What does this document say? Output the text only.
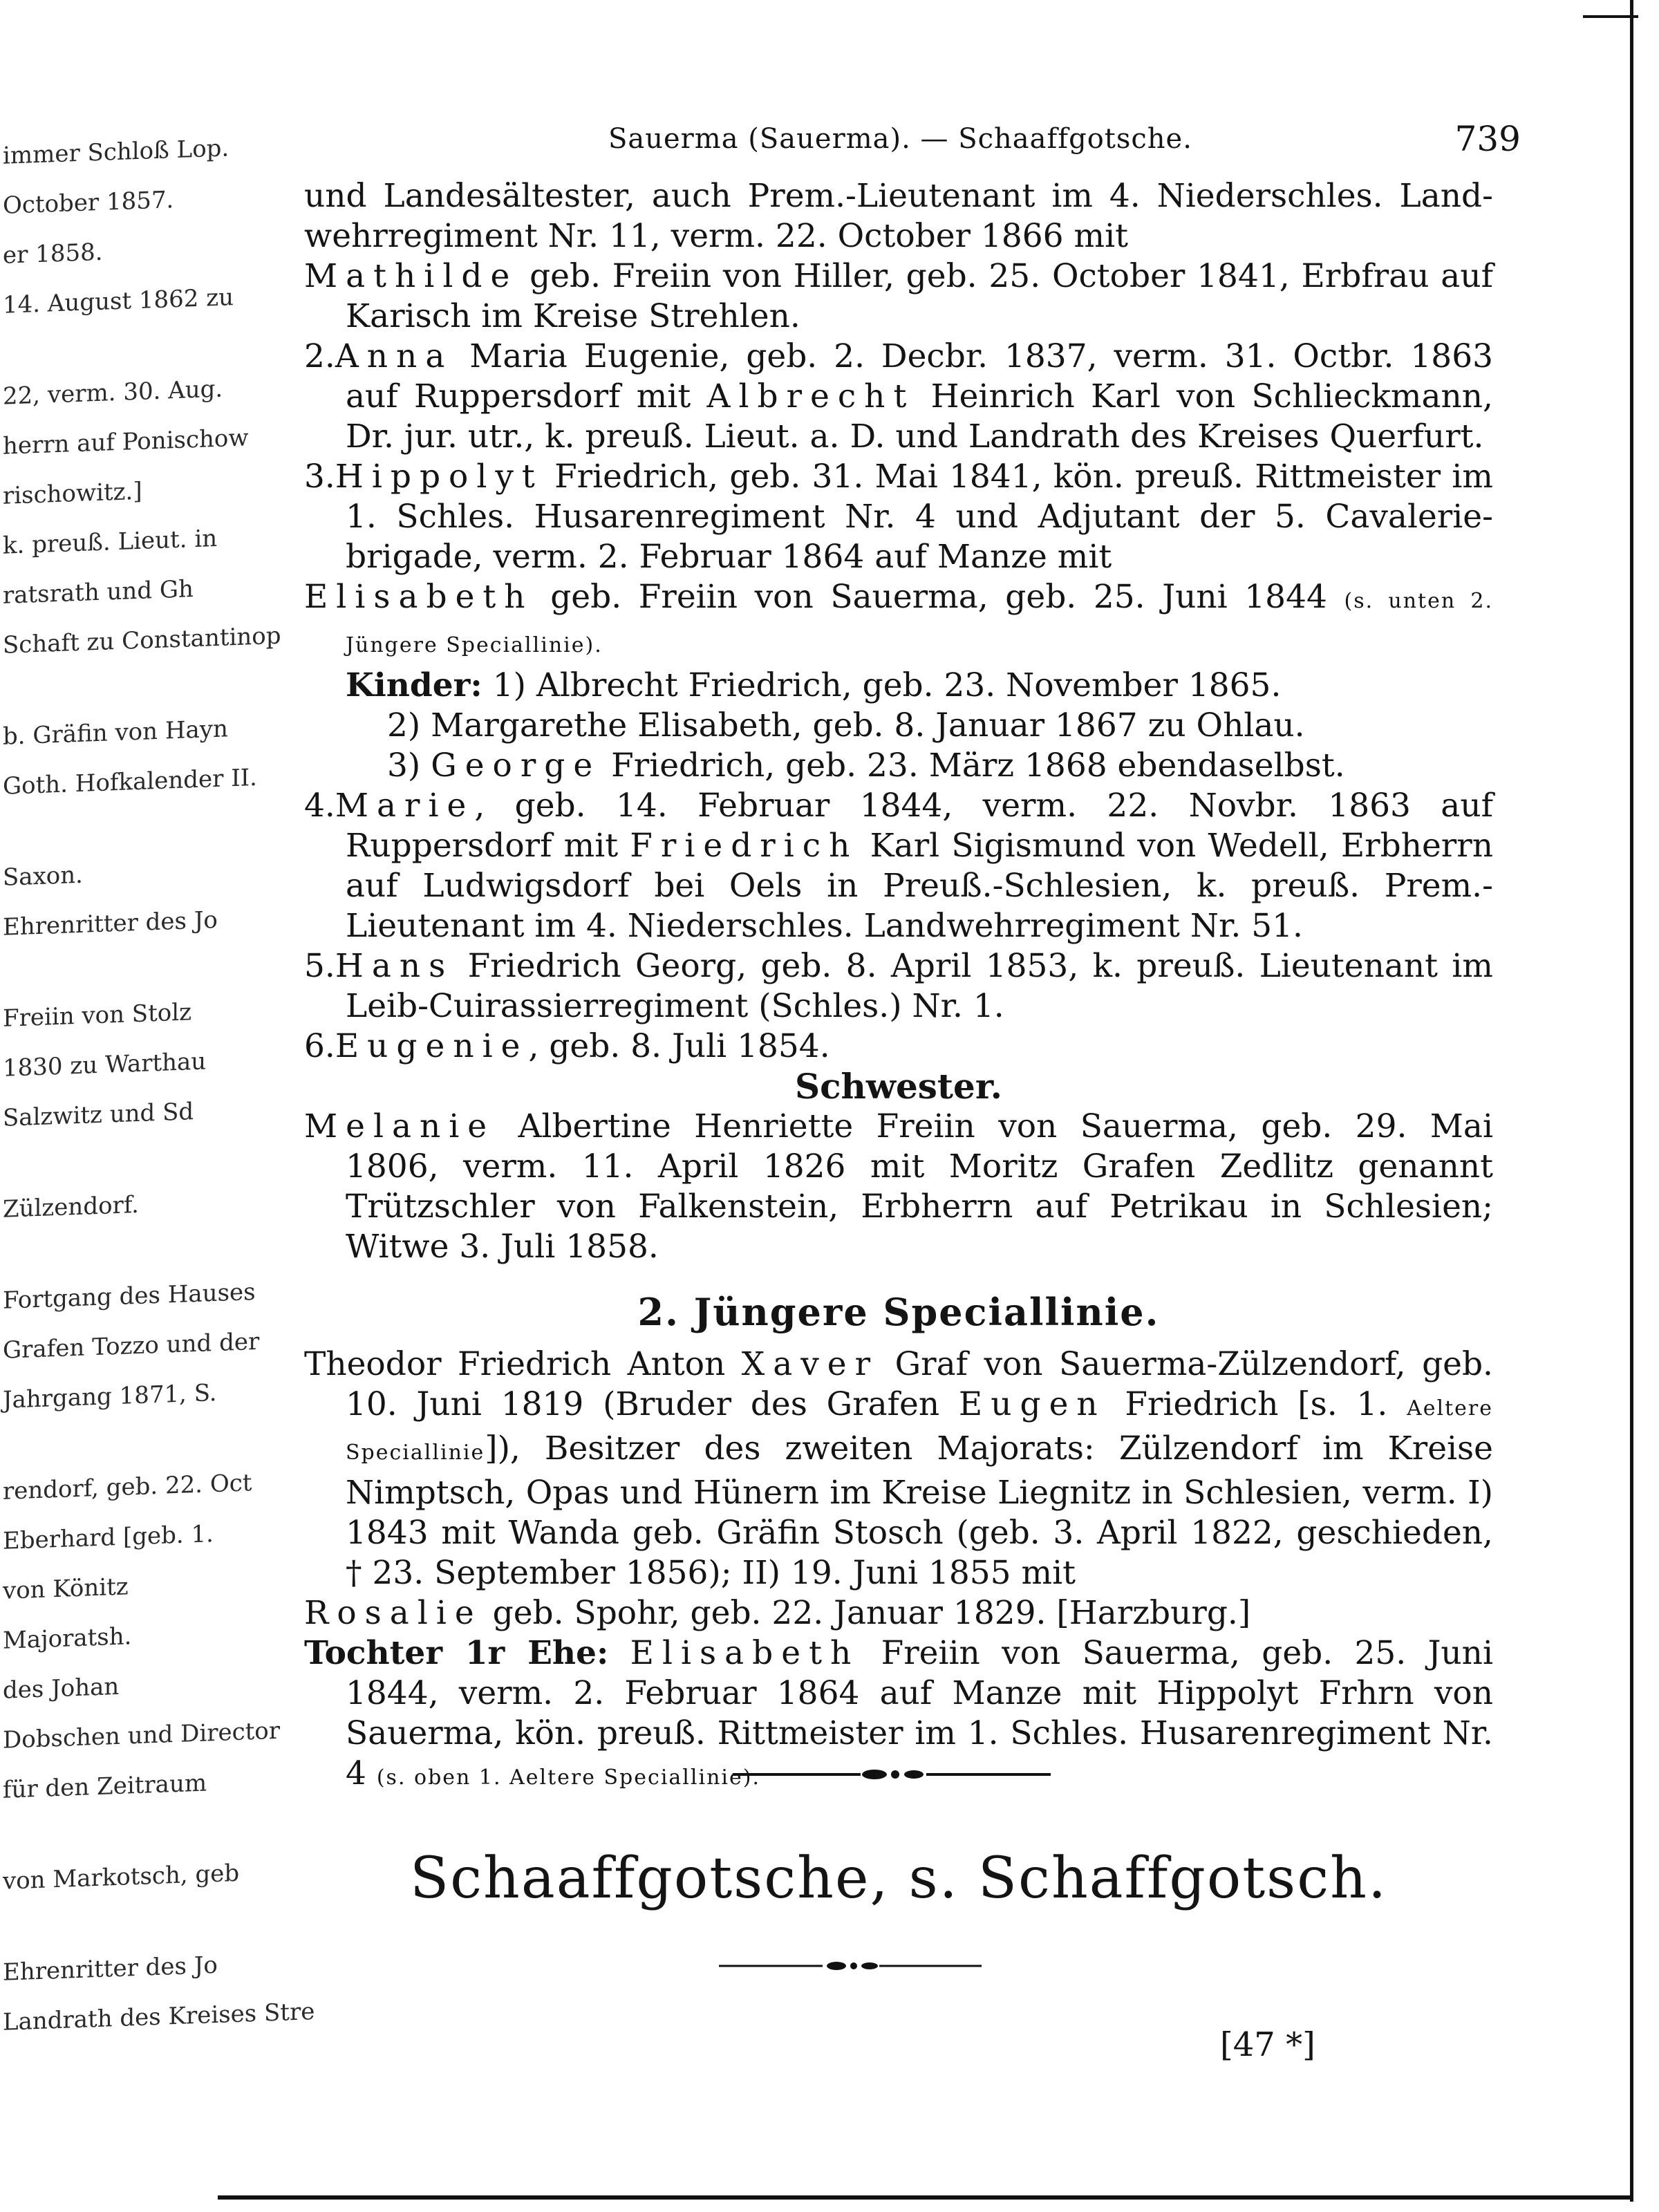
immer Schloß Lop.
October 1857.
er 1858.
14. August 1862 zu
22, verm. 30. Aug.
herrn auf Ponischow
rischowitz.]
k. preuß. Lieut. in
ratsrath und Gh
Schaft zu Constantinop
b. Gräfin von Hayn
Goth. Hofkalender II.
Saxon.
Ehrenritter des Jo
Freiin von Stolz
1830 zu Warthau
Salzwitz und Sd
Zülzendorf.
Fortgang des Hauses
Grafen Tozzo und der
Jahrgang 1871, S.
rendorf, geb. 22. Oct
Eberhard [geb. 1.
von Könitz
Majoratsh.
des Johan
Dobschen und Director
für den Zeitraum
von Markotsch, geb
Ehrenritter des Jo
Landrath des Kreises Stre
Sauerma (Sauerma). — Schaaffgotsche.	739

und Landesältester, auch Prem.-Lieutenant im 4. Niederschles. Land- wehrregiment Nr. 11, verm. 22. October 1866 mit

Mathilde geb. Freiin von Hiller, geb. 25. October 1841, Erbfrau auf Karisch im Kreise Strehlen.

2.Anna Maria Eugenie, geb. 2. Decbr. 1837, verm. 31. Octbr. 1863 auf Ruppersdorf mit Albrecht Heinrich Karl von Schlieckmann, Dr. jur. utr., k. preuß. Lieut. a. D. und Landrath des Kreises Querfurt.

3.Hippolyt Friedrich, geb. 31. Mai 1841, kön. preuß. Rittmeister im 1. Schles. Husarenregiment Nr. 4 und Adjutant der 5. Cavalerie-brigade, verm. 2. Februar 1864 auf Manze mit

Elisabeth geb. Freiin von Sauerma, geb. 25. Juni 1844 (s. unten 2. Jüngere Speciallinie).

Kinder: 1) Albrecht Friedrich, geb. 23. November 1865.
2) Margarethe Elisabeth, geb. 8. Januar 1867 zu Ohlau.
3) George Friedrich, geb. 23. März 1868 ebendaselbst.

4.Marie, geb. 14. Februar 1844, verm. 22. Novbr. 1863 auf Ruppersdorf mit Friedrich Karl Sigismund von Wedell, Erbherrn auf Ludwigsdorf bei Oels in Preuß.-Schlesien, k. preuß. Prem.-Lieutenant im 4. Niederschles. Landwehrregiment Nr. 51.

5.Hans Friedrich Georg, geb. 8. April 1853, k. preuß. Lieutenant im Leib-Cuirassierregiment (Schles.) Nr. 1.

6.Eugenie, geb. 8. Juli 1854.

Schwester.

Melanie Albertine Henriette Freiin von Sauerma, geb. 29. Mai 1806, verm. 11. April 1826 mit Moritz Grafen Zedlitz genannt Trützschler von Falkenstein, Erbherrn auf Petrikau in Schlesien; Witwe 3. Juli 1858.

2. Jüngere Speciallinie.

Theodor Friedrich Anton Xaver Graf von Sauerma-Zülzendorf, geb. 10. Juni 1819 (Bruder des Grafen Eugen Friedrich [s. 1. Aeltere Speciallinie]), Besitzer des zweiten Majorats: Zülzendorf im Kreise Nimptsch, Opas und Hünern im Kreise Liegnitz in Schlesien, verm. I) 1843 mit Wanda geb. Gräfin Stosch (geb. 3. April 1822, geschieden, † 23. September 1856); II) 19. Juni 1855 mit

Rosalie geb. Spohr, geb. 22. Januar 1829. [Harzburg.]

Tochter 1r Ehe: Elisabeth Freiin von Sauerma, geb. 25. Juni 1844, verm. 2. Februar 1864 auf Manze mit Hippolyt Frhrn von Sauerma, kön. preuß. Rittmeister im 1. Schles. Husarenregiment Nr. 4 (s. oben 1. Aeltere Speciallinie).

Schaaffgotsche, s. Schaffgotsch.
[47 *]
